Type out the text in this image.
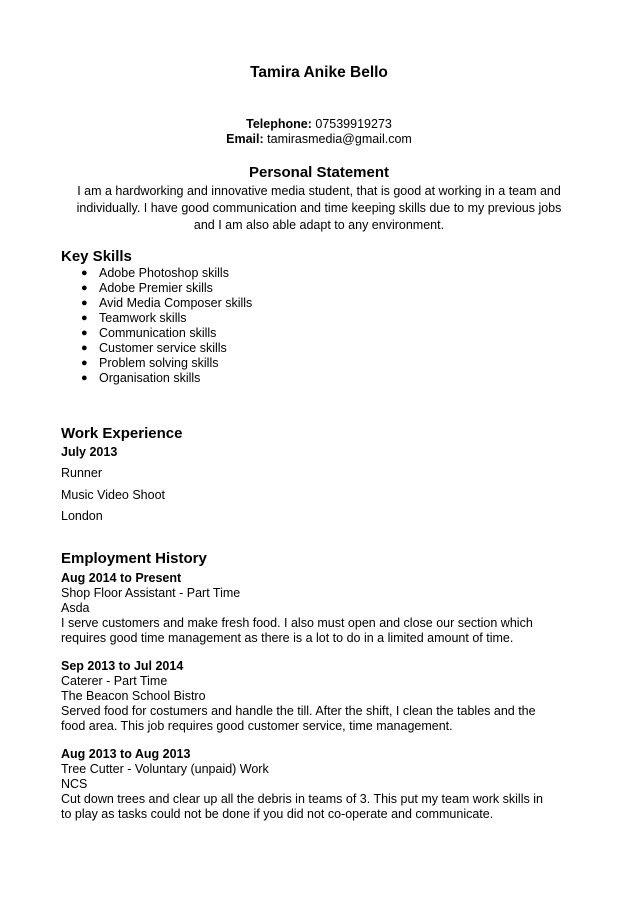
Tamira Anike Bello
Telephone: 07539919273
Email: tamirasmedia@gmail.com
Personal Statement
I am a hardworking and innovative media student, that is good at working in a team and
individually. I have good communication and time keeping skills due to my previous jobs
and I am also able adapt to any environment.
Key Skills
● Adobe Photoshop skills
● Adobe Premier skills
● Avid Media Composer skills
● Teamwork skills
● Communication skills
● Customer service skills
● Problem solving skills
● Organisation skills
Work Experience
July 2013
Runner
Music Video Shoot
London
Employment History
Aug 2014 to Present
Shop Floor Assistant - Part Time
Asda
I serve customers and make fresh food. I also must open and close our section which
requires good time management as there is a lot to do in a limited amount of time.
Sep 2013 to Jul 2014
Caterer - Part Time
The Beacon School Bistro
Served food for costumers and handle the till. After the shift, I clean the tables and the
food area. This job requires good customer service, time management.
Aug 2013 to Aug 2013
Tree Cutter - Voluntary (unpaid) Work
NCS
Cut down trees and clear up all the debris in teams of 3. This put my team work skills in
to play as tasks could not be done if you did not co-operate and communicate.
